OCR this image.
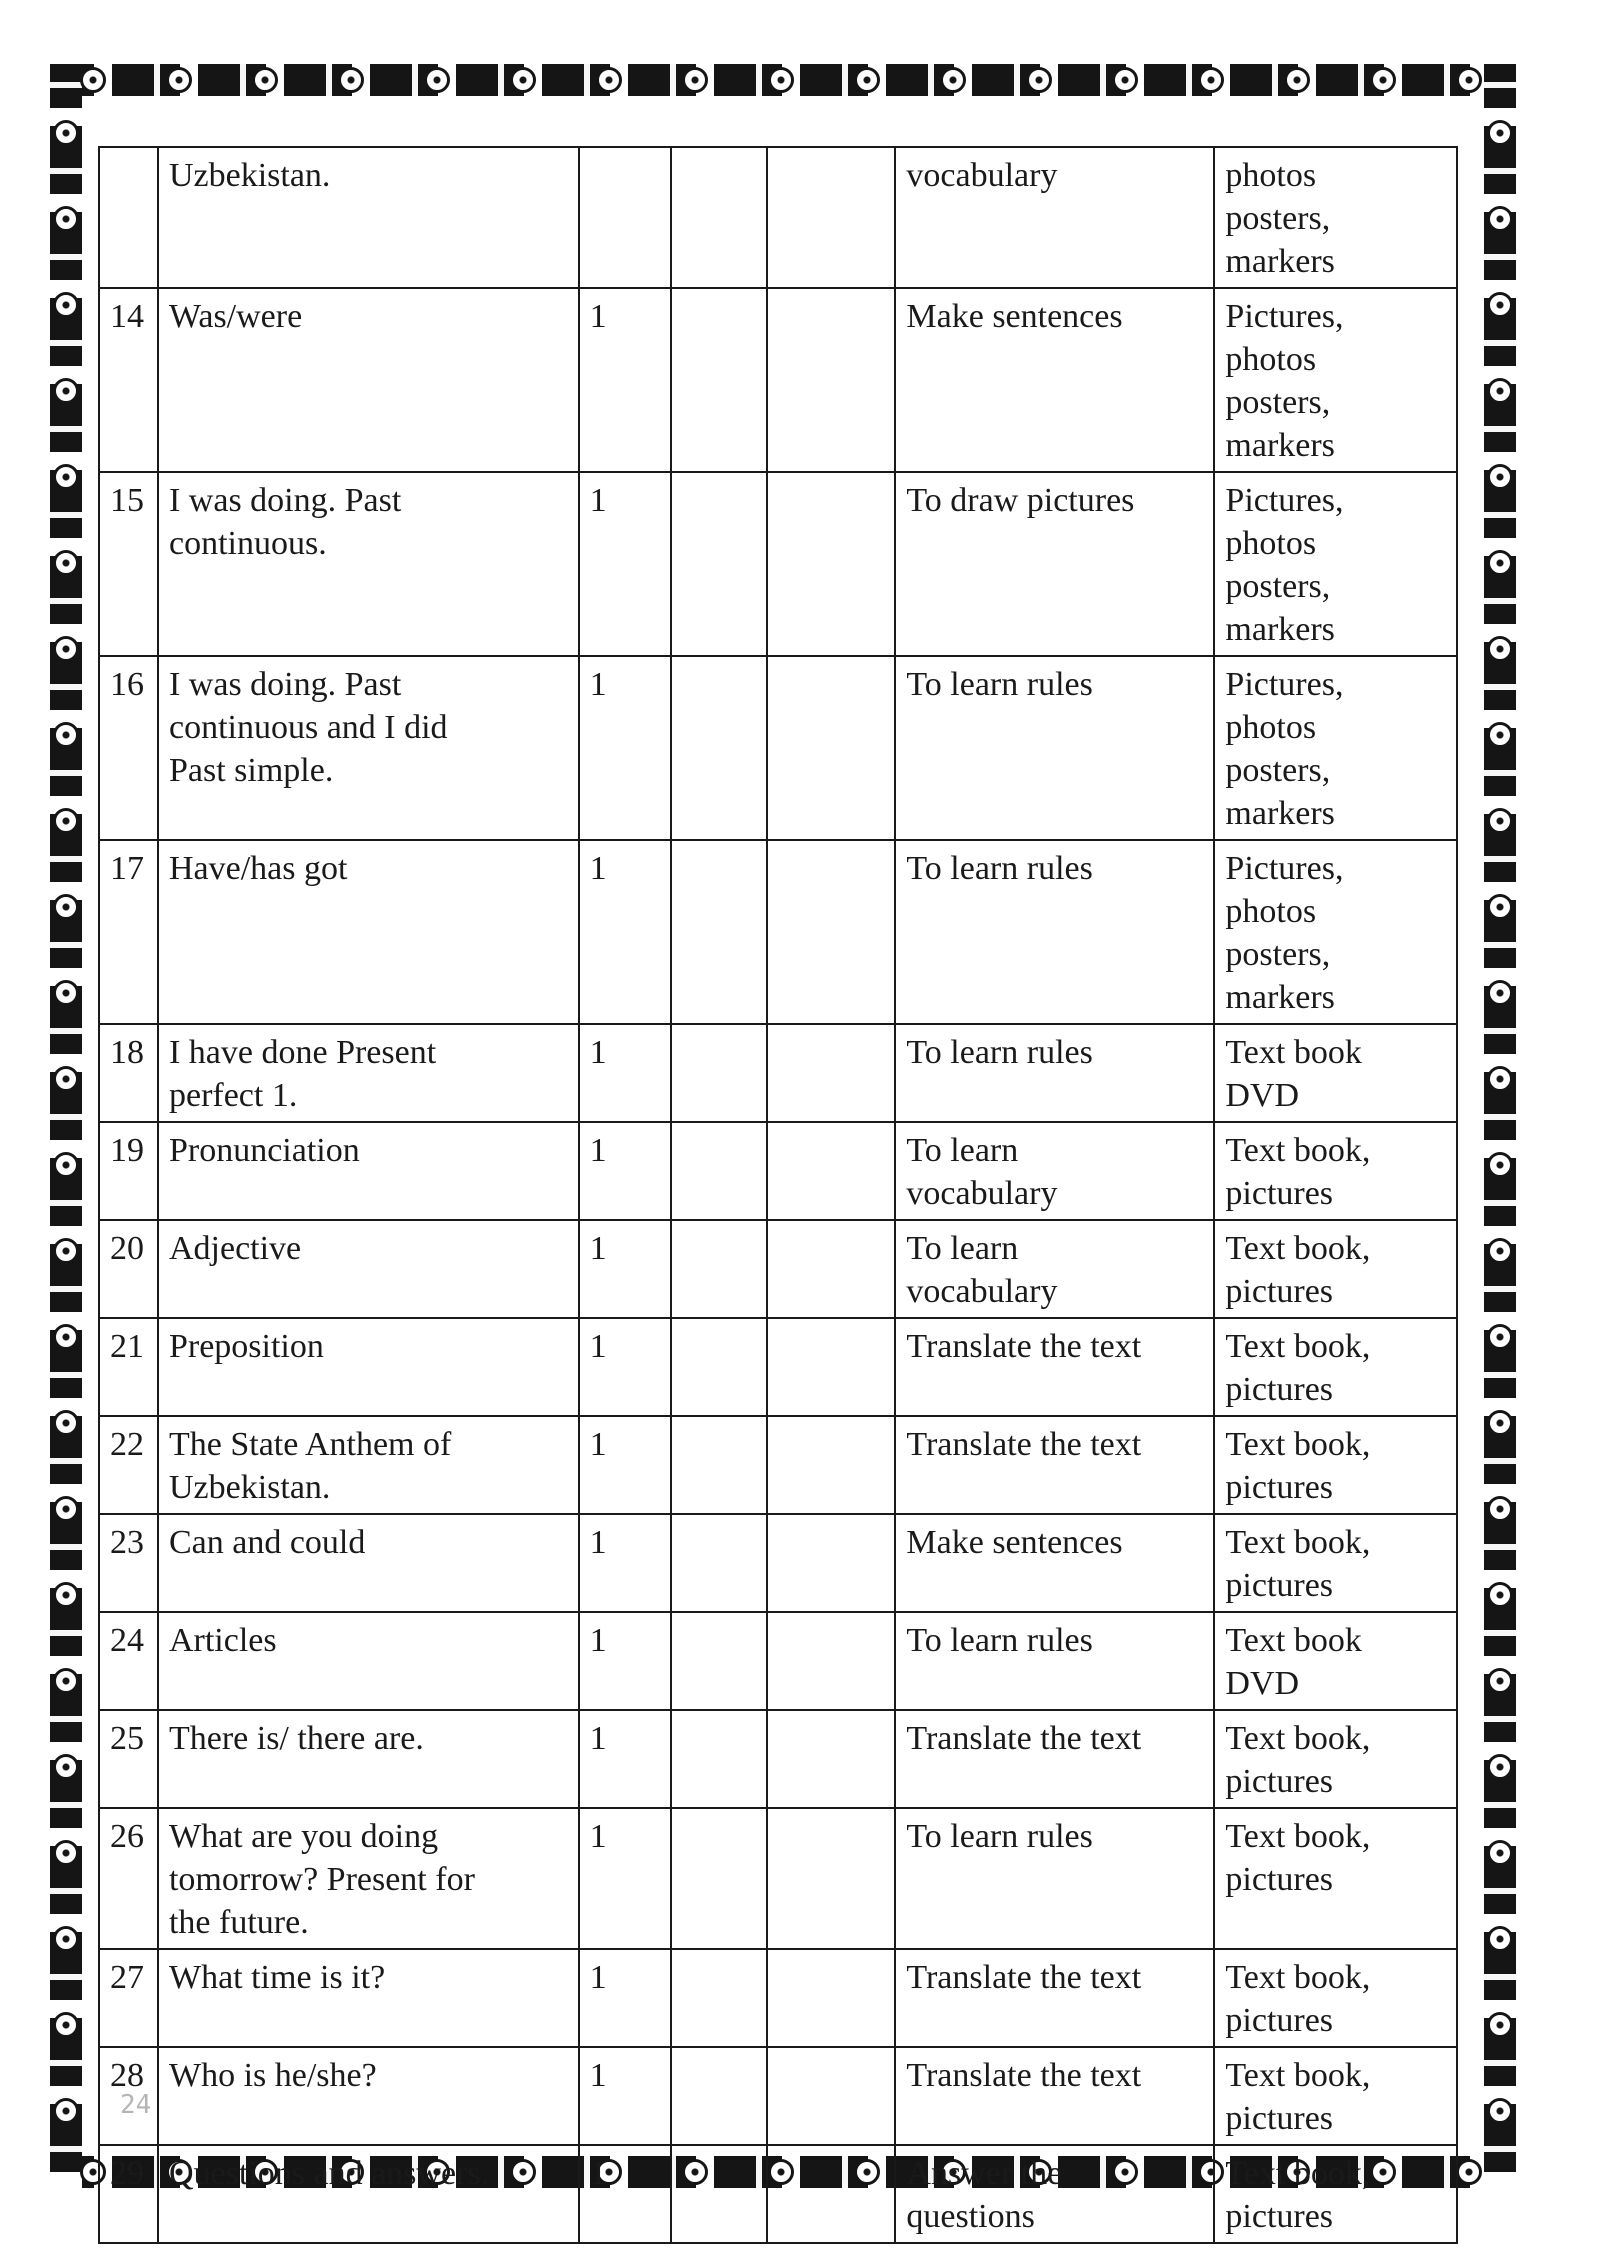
	Uzbekistan.				vocabulary	photos
posters,
markers
14	Was/were	1			Make sentences	Pictures,
photos
posters,
markers
15	I was doing. Past
continuous.	1			To draw pictures	Pictures,
photos
posters,
markers
16	I was doing. Past
continuous and I did
Past simple.	1			To learn rules	Pictures,
photos
posters,
markers
17	Have/has got	1			To learn rules	Pictures,
photos
posters,
markers
18	I have done Present
perfect 1.	1			To learn rules	Text book
DVD
19	Pronunciation	1			To learn
vocabulary	Text book,
pictures
20	Adjective	1			To learn
vocabulary	Text book,
pictures
21	Preposition	1			Translate the text	Text book,
pictures
22	The State Anthem of
Uzbekistan.	1			Translate the text	Text book,
pictures
23	Can and could	1			Make sentences	Text book,
pictures
24	Articles	1			To learn rules	Text book
DVD
25	There is/ there are.	1			Translate the text	Text book,
pictures
26	What are you doing
tomorrow? Present for
the future.	1			To learn rules	Text book,
pictures
27	What time is it?	1			Translate the text	Text book,
pictures
28	Who is he/she?	1			Translate the text	Text book,
pictures
29	Questions and answers.	1			Answer the
questions	Text book,
pictures
24
